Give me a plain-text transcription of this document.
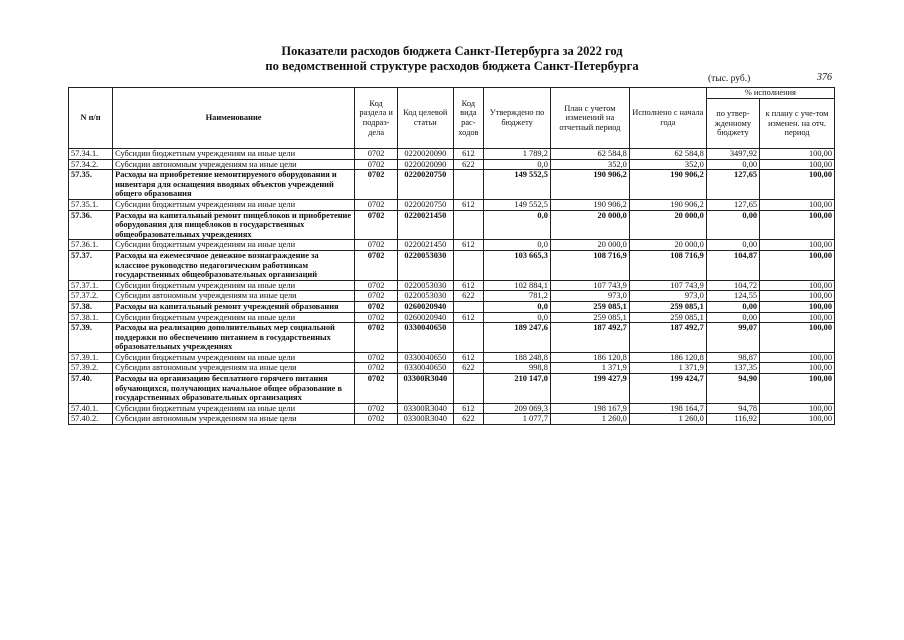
Показатели расходов бюджета Санкт-Петербурга за 2022 год
по ведомственной структуре расходов бюджета Санкт-Петербурга
(тыс. руб.)	376
N п/п	Наименование	Код раздела и подраз-дела	Код целевой статьи	Код вида рас-ходов	Утверждено по бюджету	План с учетом изменений на отчетный период	Исполнено с начала года	% исполнения	
								по утвер-жденному бюджету	к плану с уче-том изменен. на отч. период
57.34.1.	Субсидии бюджетным учреждениям на иные цели	0702	0220020090	612	1 789,2	62 584,8	62 584,8	3497,92	100,00
57.34.2.	Субсидии автономным учреждениям на иные цели	0702	0220020090	622	0,0	352,0	352,0	0,00	100,00
57.35.	Расходы на приобретение немонтируемого оборудования и инвентаря для оснащения вводных объектов учреждений общего образования	0702	0220020750		149 552,5	190 906,2	190 906,2	127,65	100,00
57.35.1.	Субсидии бюджетным учреждениям на иные цели	0702	0220020750	612	149 552,5	190 906,2	190 906,2	127,65	100,00
57.36.	Расходы на капитальный ремонт пищеблоков и приобретение оборудования для пищеблоков в государственных общеобразовательных учреждениях	0702	0220021450		0,0	20 000,0	20 000,0	0,00	100,00
57.36.1.	Субсидии бюджетным учреждениям на иные цели	0702	0220021450	612	0,0	20 000,0	20 000,0	0,00	100,00
57.37.	Расходы на ежемесячное денежное вознаграждение за классное руководство педагогическим работникам государственных общеобразовательных организаций	0702	0220053030		103 665,3	108 716,9	108 716,9	104,87	100,00
57.37.1.	Субсидии бюджетным учреждениям на иные цели	0702	0220053030	612	102 884,1	107 743,9	107 743,9	104,72	100,00
57.37.2.	Субсидии автономным учреждениям на иные цели	0702	0220053030	622	781,2	973,0	973,0	124,55	100,00
57.38.	Расходы на капитальный ремонт учреждений образования	0702	0260020940		0,0	259 085,1	259 085,1	0,00	100,00
57.38.1.	Субсидии бюджетным учреждениям на иные цели	0702	0260020940	612	0,0	259 085,1	259 085,1	0,00	100,00
57.39.	Расходы на реализацию дополнительных мер социальной поддержки по обеспечению питанием в государственных образовательных учреждениях	0702	0330040650		189 247,6	187 492,7	187 492,7	99,07	100,00
57.39.1.	Субсидии бюджетным учреждениям на иные цели	0702	0330040650	612	188 248,8	186 120,8	186 120,8	98,87	100,00
57.39.2.	Субсидии автономным учреждениям на иные цели	0702	0330040650	622	998,8	1 371,9	1 371,9	137,35	100,00
57.40.	Расходы на организацию бесплатного горячего питания обучающихся, получающих начальное общее образование в государственных образовательных организациях	0702	03300R3040		210 147,0	199 427,9	199 424,7	94,90	100,00
57.40.1.	Субсидии бюджетным учреждениям на иные цели	0702	03300R3040	612	209 069,3	198 167,9	198 164,7	94,78	100,00
57.40.2.	Субсидии автономным учреждениям на иные цели	0702	03300R3040	622	1 077,7	1 260,0	1 260,0	116,92	100,00
